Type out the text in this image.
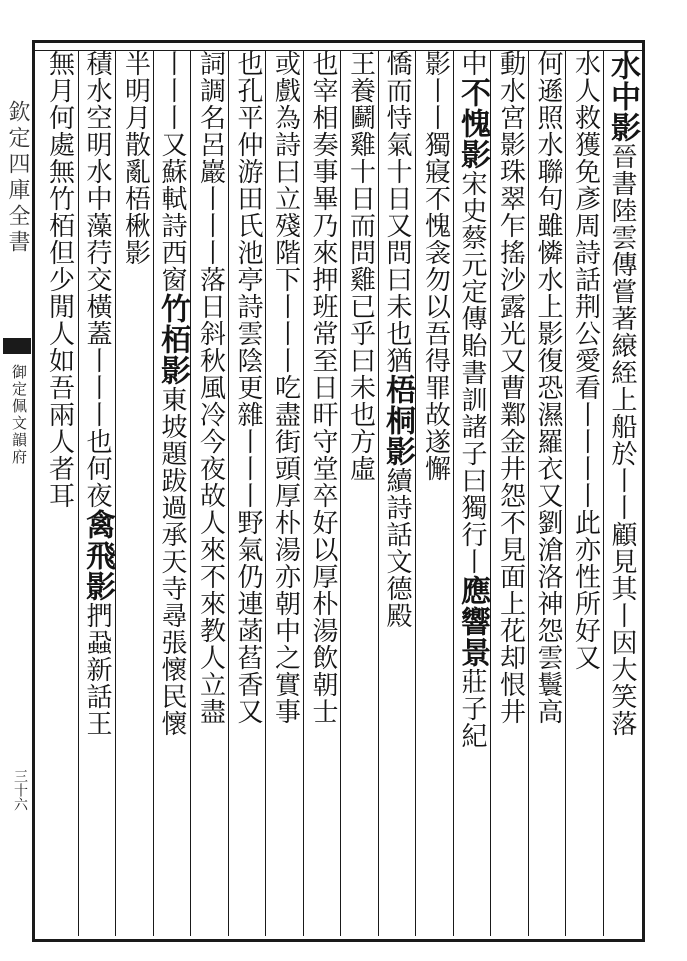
欽定四庫全書
御定佩文韻府
三十六
水中影晉書陸雲傳嘗著縗絰上船於丨丨顧見其丨因大笑落
水人救獲免彥周詩話荆公愛看丨丨丨丨此亦性所好又
何遜照水聯句雖憐水上影復恐濕羅衣又劉滄洛神怨雲鬟高
動水宮影珠翠乍搖沙露光又曹鄴金井怨不見面上花却恨井
中不愧影宋史蔡元定傳貽書訓諸子曰獨行丨應響景莊子紀
影丨丨獨寢不愧衾勿以吾得罪故遂懈
憍而恃氣十日又問曰未也猶梧桐影續詩話文德殿
王養鬬雞十日而問雞已乎曰未也方虛
也宰相奏事畢乃來押班常至日旰守堂卒好以厚朴湯飲朝士
或戲為詩曰立殘階下丨丨丨吃盡街頭厚朴湯亦朝中之實事
也孔平仲游田氏池亭詩雲陰更雜丨丨丨野氣仍連菡萏香又
詞調名呂巖丨丨丨落日斜秋風冷今夜故人來不來教人立盡
丨丨丨又蘇軾詩西窗竹栢影東坡題跋過承天寺尋張懷民懷
半明月散亂梧楸影
積水空明水中藻荇交橫蓋丨丨丨也何夜禽飛影捫蝨新話王
無月何處無竹栢但少閒人如吾兩人者耳
